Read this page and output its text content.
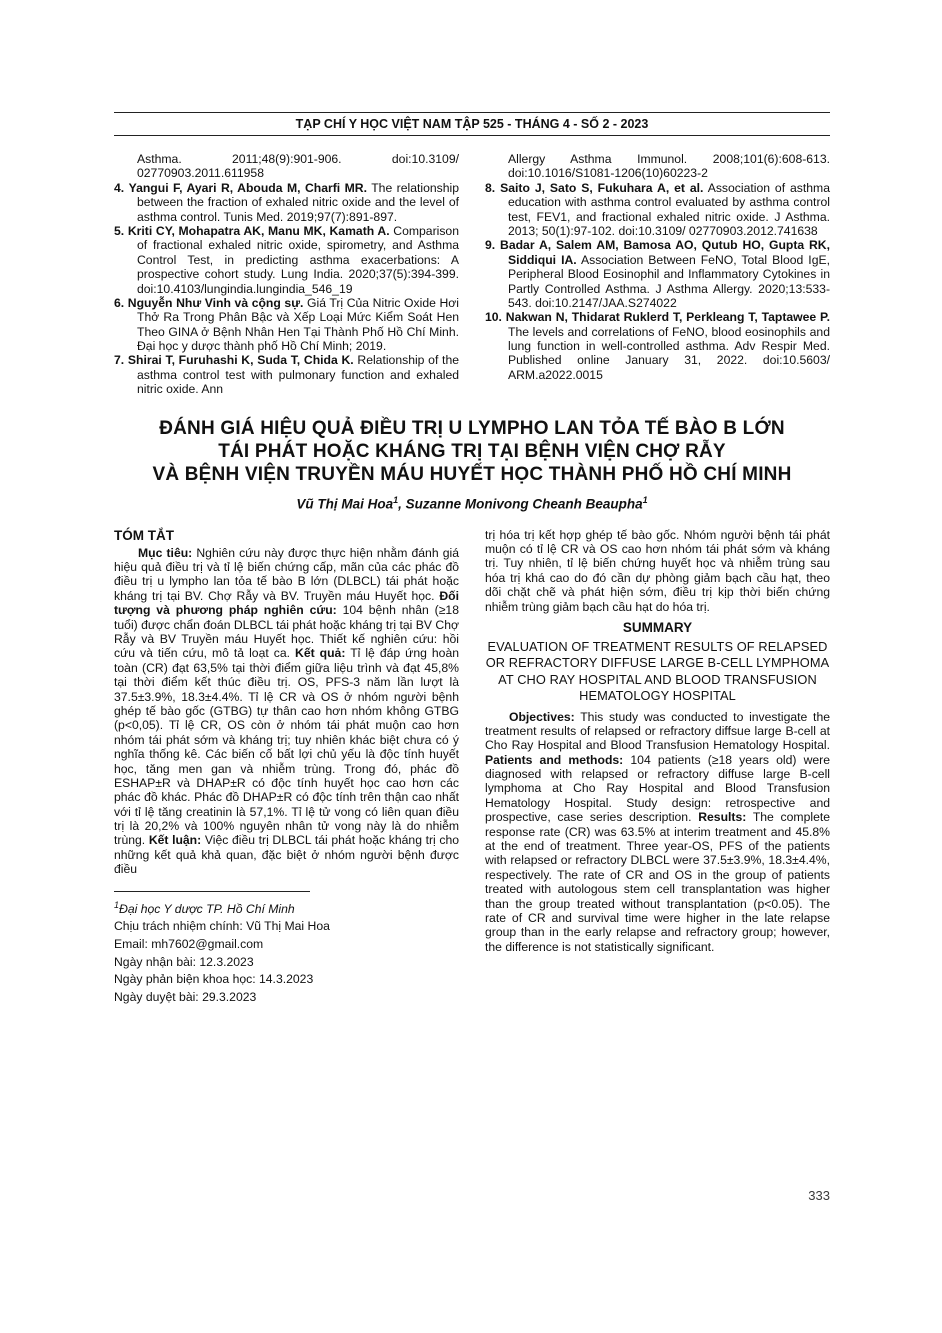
TẠP CHÍ Y HỌC VIỆT NAM TẬP 525 - THÁNG 4 - SỐ 2 - 2023
Asthma. 2011;48(9):901-906. doi:10.3109/ 02770903.2011.611958
4. Yangui F, Ayari R, Abouda M, Charfi MR. The relationship between the fraction of exhaled nitric oxide and the level of asthma control. Tunis Med. 2019;97(7):891-897.
5. Kriti CY, Mohapatra AK, Manu MK, Kamath A. Comparison of fractional exhaled nitric oxide, spirometry, and Asthma Control Test, in predicting asthma exacerbations: A prospective cohort study. Lung India. 2020;37(5):394-399. doi:10.4103/lungindia.lungindia_546_19
6. Nguyễn Như Vinh và cộng sự. Giá Trị Của Nitric Oxide Hơi Thở Ra Trong Phân Bậc và Xếp Loại Mức Kiểm Soát Hen Theo GINA ở Bệnh Nhân Hen Tại Thành Phố Hồ Chí Minh. Đại học y dược thành phố Hồ Chí Minh; 2019.
7. Shirai T, Furuhashi K, Suda T, Chida K. Relationship of the asthma control test with pulmonary function and exhaled nitric oxide. Ann
Allergy Asthma Immunol. 2008;101(6):608-613. doi:10.1016/S1081-1206(10)60223-2
8. Saito J, Sato S, Fukuhara A, et al. Association of asthma education with asthma control evaluated by asthma control test, FEV1, and fractional exhaled nitric oxide. J Asthma. 2013; 50(1):97-102. doi:10.3109/ 02770903.2012.741638
9. Badar A, Salem AM, Bamosa AO, Qutub HO, Gupta RK, Siddiqui IA. Association Between FeNO, Total Blood IgE, Peripheral Blood Eosinophil and Inflammatory Cytokines in Partly Controlled Asthma. J Asthma Allergy. 2020;13:533-543. doi:10.2147/JAA.S274022
10. Nakwan N, Thidarat Ruklerd T, Perkleang T, Taptawee P. The levels and correlations of FeNO, blood eosinophils and lung function in well-controlled asthma. Adv Respir Med. Published online January 31, 2022. doi:10.5603/ ARM.a2022.0015
ĐÁNH GIÁ HIỆU QUẢ ĐIỀU TRỊ U LYMPHO LAN TỎA TẾ BÀO B LỚN
TÁI PHÁT HOẶC KHÁNG TRỊ TẠI BỆNH VIỆN CHỢ RẪY
VÀ BỆNH VIỆN TRUYỀN MÁU HUYẾT HỌC THÀNH PHỐ HỒ CHÍ MINH
Vũ Thị Mai Hoa$^1$, Suzanne Monivong Cheanh Beaupha$^1$
TÓM TẮT

Mục tiêu: Nghiên cứu này được thực hiện nhằm đánh giá hiệu quả điều trị và tỉ lệ biến chứng cấp, mãn của các phác đồ điều trị u lympho lan tỏa tế bào B lớn (DLBCL) tái phát hoặc kháng trị tại BV. Chợ Rẫy và BV. Truyền máu Huyết học. Đối tượng và phương pháp nghiên cứu: 104 bệnh nhân (≥18 tuổi) được chẩn đoán DLBCL tái phát hoặc kháng trị tại BV Chợ Rẫy và BV Truyền máu Huyết học. Thiết kế nghiên cứu: hồi cứu và tiến cứu, mô tả loạt ca. Kết quả: Tỉ lệ đáp ứng hoàn toàn (CR) đạt 63,5% tại thời điểm giữa liệu trình và đạt 45,8% tại thời điểm kết thúc điều trị. OS, PFS-3 năm lần lượt là 37.5±3.9%, 18.3±4.4%. Tỉ lệ CR và OS ở nhóm người bệnh ghép tế bào gốc (GTBG) tự thân cao hơn nhóm không GTBG (p<0,05). Tỉ lệ CR, OS còn ở nhóm tái phát muộn cao hơn nhóm tái phát sớm và kháng trị; tuy nhiên khác biệt chưa có ý nghĩa thống kê. Các biến cố bất lợi chủ yếu là độc tính huyết học, tăng men gan và nhiễm trùng. Trong đó, phác đồ ESHAP±R và DHAP±R có độc tính huyết học cao hơn các phác đồ khác. Phác đồ DHAP±R có độc tính trên thận cao nhất với tỉ lệ tăng creatinin là 57,1%. Tỉ lệ tử vong có liên quan điều trị là 20,2% và 100% nguyên nhân tử vong này là do nhiễm trùng. Kết luận: Việc điều trị DLBCL tái phát hoặc kháng trị cho những kết quả khả quan, đặc biệt ở nhóm người bệnh được điều

$^1$Đại học Y dược TP. Hồ Chí Minh
Chịu trách nhiệm chính: Vũ Thị Mai Hoa
Email: mh7602@gmail.com
Ngày nhận bài: 12.3.2023
Ngày phản biện khoa học: 14.3.2023
Ngày duyệt bài: 29.3.2023

trị hóa trị kết hợp ghép tế bào gốc. Nhóm người bệnh tái phát muộn có tỉ lệ CR và OS cao hơn nhóm tái phát sớm và kháng trị. Tuy nhiên, tỉ lệ biến chứng huyết học và nhiễm trùng sau hóa trị khá cao do đó cần dự phòng giảm bạch cầu hạt, theo dõi chặt chẽ và phát hiện sớm, điều trị kịp thời biến chứng nhiễm trùng giảm bạch cầu hạt do hóa trị.

SUMMARY
EVALUATION OF TREATMENT RESULTS OF RELAPSED OR REFRACTORY DIFFUSE LARGE B-CELL LYMPHOMA AT CHO RAY HOSPITAL AND BLOOD TRANSFUSION HEMATOLOGY HOSPITAL

Objectives: This study was conducted to investigate the treatment results of relapsed or refractory diffsue large B-cell at Cho Ray Hospital and Blood Transfusion Hematology Hospital. Patients and methods: 104 patients (≥18 years old) were diagnosed with relapsed or refractory diffuse large B-cell lymphoma at Cho Ray Hospital and Blood Transfusion Hematology Hospital. Study design: retrospective and prospective, case series description. Results: The complete response rate (CR) was 63.5% at interim treatment and 45.8% at the end of treatment. Three year-OS, PFS of the patients with relapsed or refractory DLBCL were 37.5±3.9%, 18.3±4.4%, respectively. The rate of CR and OS in the group of patients treated with autologous stem cell transplantation was higher than the group treated without transplantation (p<0.05). The rate of CR and survival time were higher in the late relapse group than in the early relapse and refractory group; however, the difference is not statistically significant.

333
